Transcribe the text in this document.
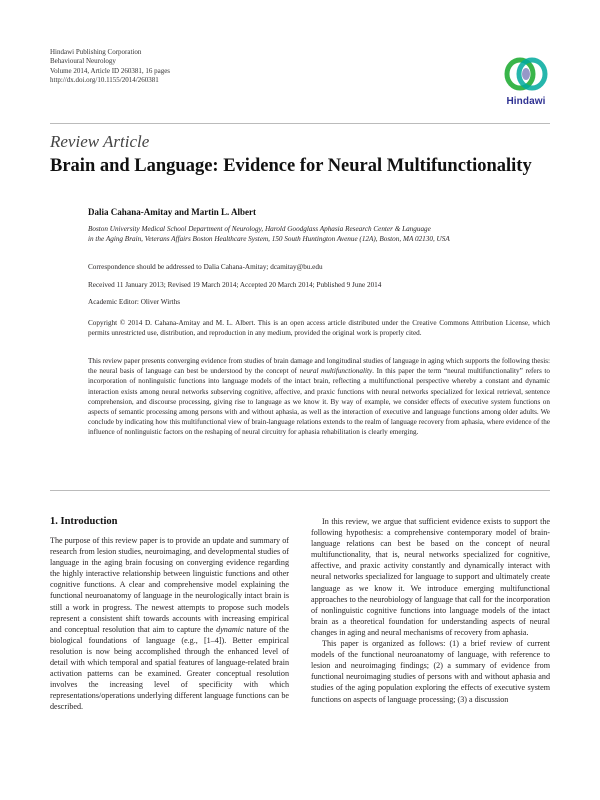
Hindawi Publishing Corporation
Behavioural Neurology
Volume 2014, Article ID 260381, 16 pages
http://dx.doi.org/10.1155/2014/260381
Hindawi
Review Article
Brain and Language: Evidence for Neural Multifunctionality
Dalia Cahana-Amitay and Martin L. Albert
Boston University Medical School Department of Neurology, Harold Goodglass Aphasia Research Center & Language
in the Aging Brain, Veterans Affairs Boston Healthcare System, 150 South Huntington Avenue (12A), Boston, MA 02130, USA
Correspondence should be addressed to Dalia Cahana-Amitay; dcamitay@bu.edu
Received 11 January 2013; Revised 19 March 2014; Accepted 20 March 2014; Published 9 June 2014
Academic Editor: Oliver Wirths
Copyright © 2014 D. Cahana-Amitay and M. L. Albert. This is an open access article distributed under the Creative Commons Attribution License, which permits unrestricted use, distribution, and reproduction in any medium, provided the original work is properly cited.
This review paper presents converging evidence from studies of brain damage and longitudinal studies of language in aging which supports the following thesis: the neural basis of language can best be understood by the concept of neural multifunctionality. In this paper the term “neural multifunctionality” refers to incorporation of nonlinguistic functions into language models of the intact brain, reflecting a multifunctional perspective whereby a constant and dynamic interaction exists among neural networks subserving cognitive, affective, and praxic functions with neural networks specialized for lexical retrieval, sentence comprehension, and discourse processing, giving rise to language as we know it. By way of example, we consider effects of executive system functions on aspects of semantic processing among persons with and without aphasia, as well as the interaction of executive and language functions among older adults. We conclude by indicating how this multifunctional view of brain-language relations extends to the realm of language recovery from aphasia, where evidence of the influence of nonlinguistic factors on the reshaping of neural circuitry for aphasia rehabilitation is clearly emerging.
1. Introduction

The purpose of this review paper is to provide an update and summary of research from lesion studies, neuroimaging, and developmental studies of language in the aging brain focusing on converging evidence regarding the highly interactive relationship between linguistic functions and other cognitive functions. A clear and comprehensive model explaining the functional neuroanatomy of language in the neurologically intact brain is still a work in progress. The newest attempts to propose such models represent a consistent shift towards accounts with increasing empirical and conceptual resolution that aim to capture the dynamic nature of the biological foundations of language (e.g., [1–4]). Better empirical resolution is now being accomplished through the enhanced level of detail with which temporal and spatial features of language-related brain activation patterns can be examined. Greater conceptual resolution involves the increasing level of specificity with which representations/operations underlying different language functions can be described.

In this review, we argue that sufficient evidence exists to support the following hypothesis: a comprehensive contemporary model of brain-language relations can best be based on the concept of neural multifunctionality, that is, neural networks specialized for cognitive, affective, and praxic activity constantly and dynamically interact with neural networks specialized for language to support and ultimately create language as we know it. We introduce emerging multifunctional approaches to the neurobiology of language that call for the incorporation of nonlinguistic cognitive functions into language models of the intact brain as a theoretical foundation for understanding aspects of neural changes in aging and neural mechanisms of recovery from aphasia.

This paper is organized as follows: (1) a brief review of current models of the functional neuroanatomy of language, with reference to lesion and neuroimaging findings; (2) a summary of evidence from functional neuroimaging studies of persons with and without aphasia and studies of the aging population exploring the effects of executive system functions on aspects of language processing; (3) a discussion
